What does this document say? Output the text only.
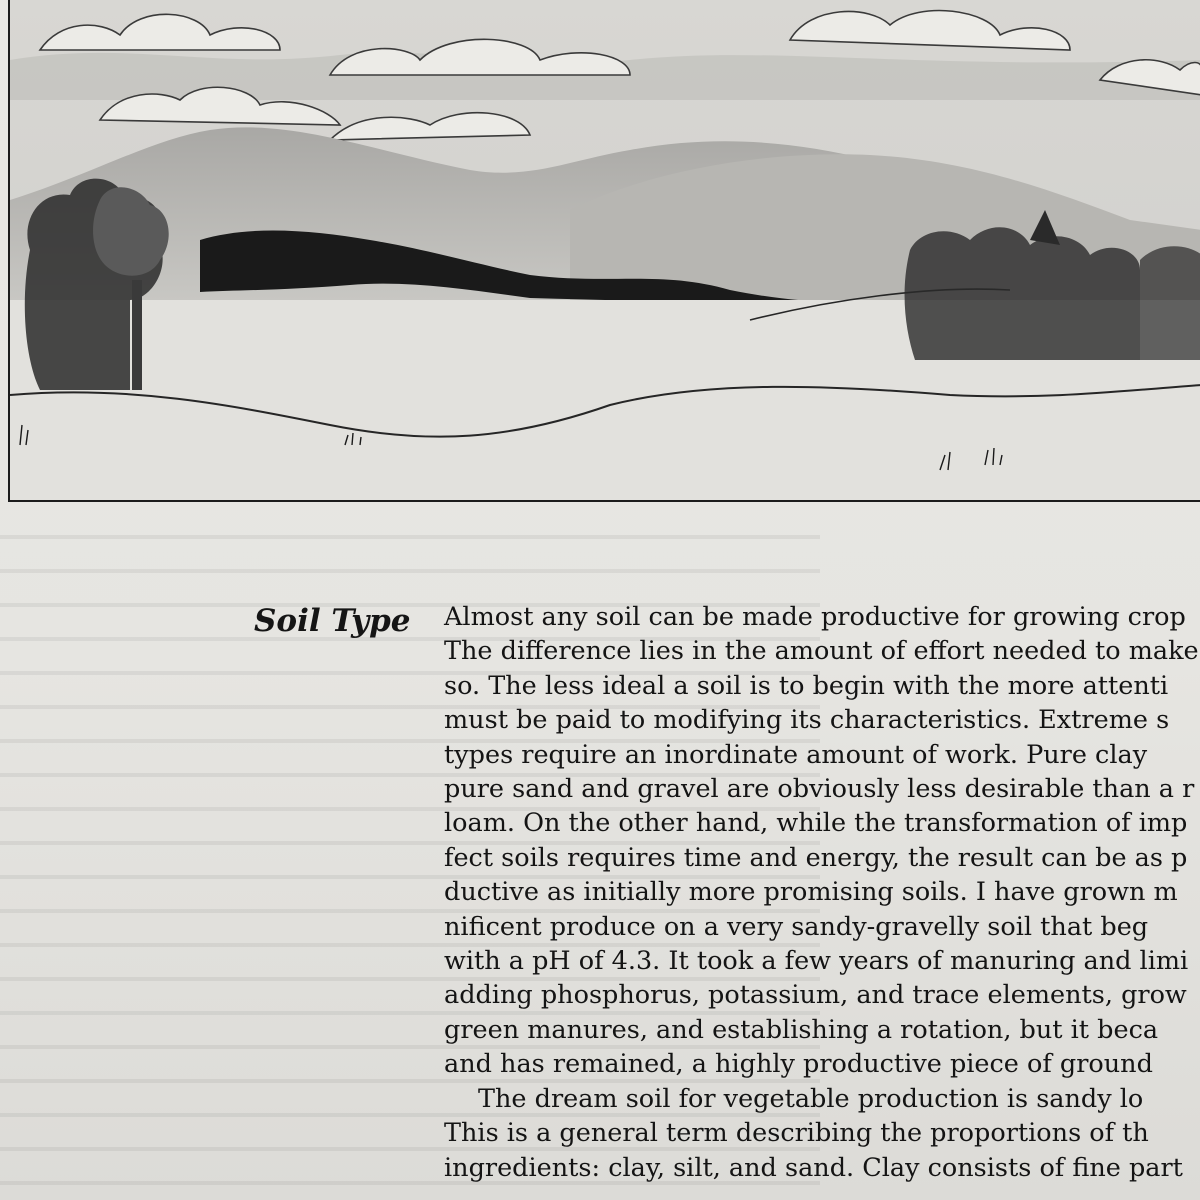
Soil Type Almost any soil can be made productive for growing crop
The difference lies in the amount of effort needed to make
so. The less ideal a soil is to begin with the more attenti
must be paid to modifying its characteristics. Extreme s
types require an inordinate amount of work. Pure clay
pure sand and gravel are obviously less desirable than a r
loam. On the other hand, while the transformation of imp
fect soils requires time and energy, the result can be as p
ductive as initially more promising soils. I have grown m
nificent produce on a very sandy-gravelly soil that beg
with a pH of 4.3. It took a few years of manuring and limi
adding phosphorus, potassium, and trace elements, grow
green manures, and establishing a rotation, but it beca
and has remained, a highly productive piece of ground
The dream soil for vegetable production is sandy lo
This is a general term describing the proportions of th
ingredients: clay, silt, and sand. Clay consists of fine part
